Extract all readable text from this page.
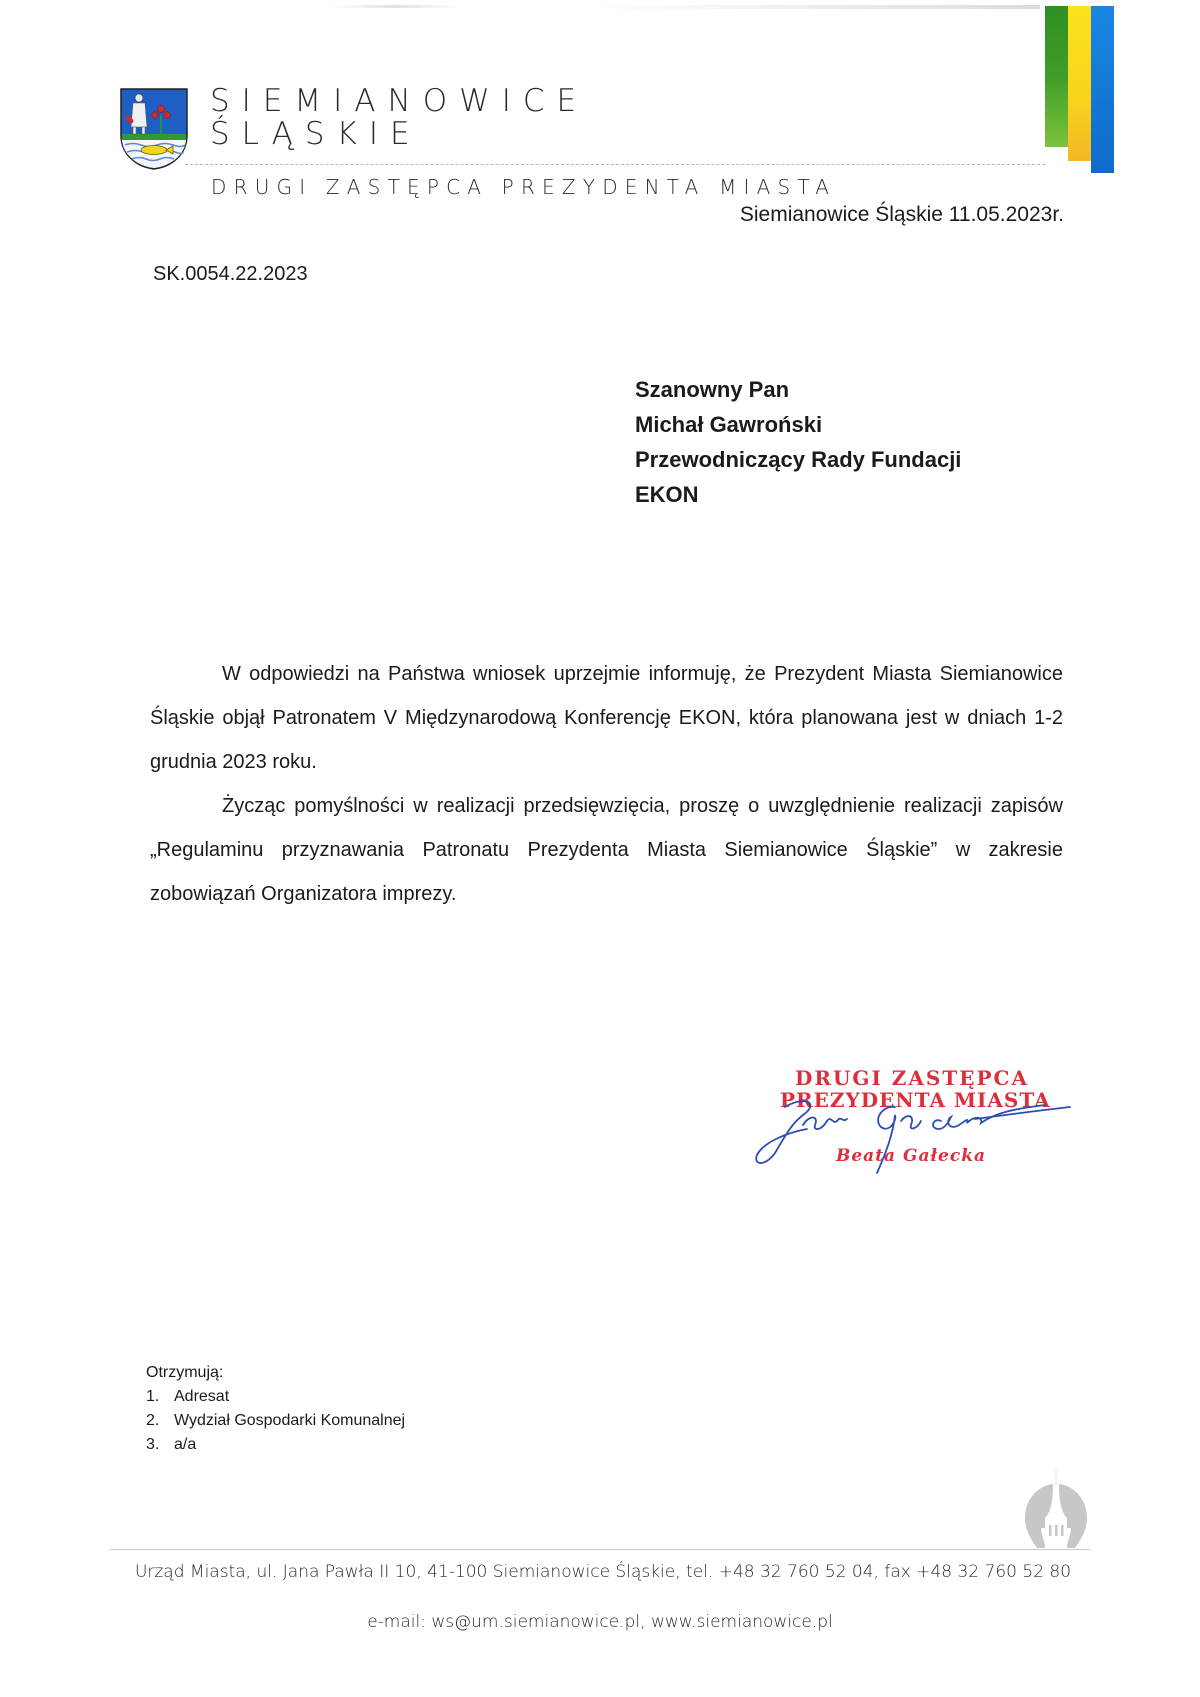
SIEMIANOWICE
ŚLĄSKIE
DRUGI ZASTĘPCA PREZYDENTA MIASTA
Siemianowice Śląskie 11.05.2023r.
SK.0054.22.2023
Szanowny Pan
Michał Gawroński
Przewodniczący Rady Fundacji
EKON

W odpowiedzi na Państwa wniosek uprzejmie informuję, że Prezydent Miasta Siemianowice Śląskie objął Patronatem V Międzynarodową Konferencję EKON, która planowana jest w dniach 1-2 grudnia 2023 roku.

Życząc pomyślności w realizacji przedsięwzięcia, proszę o uwzględnienie realizacji zapisów „Regulaminu przyznawania Patronatu Prezydenta Miasta Siemianowice Śląskie” w zakresie zobowiązań Organizatora imprezy.

DRUGI ZASTĘPCA
PREZYDENTA MIASTA
Beata Gałecka
Otrzymują:
1. Adresat
2. Wydział Gospodarki Komunalnej
3. a/a
Urząd Miasta, ul. Jana Pawła II 10, 41-100 Siemianowice Śląskie, tel. +48 32 760 52 04, fax +48 32 760 52 80
e-mail: ws@um.siemianowice.pl, www.siemianowice.pl
